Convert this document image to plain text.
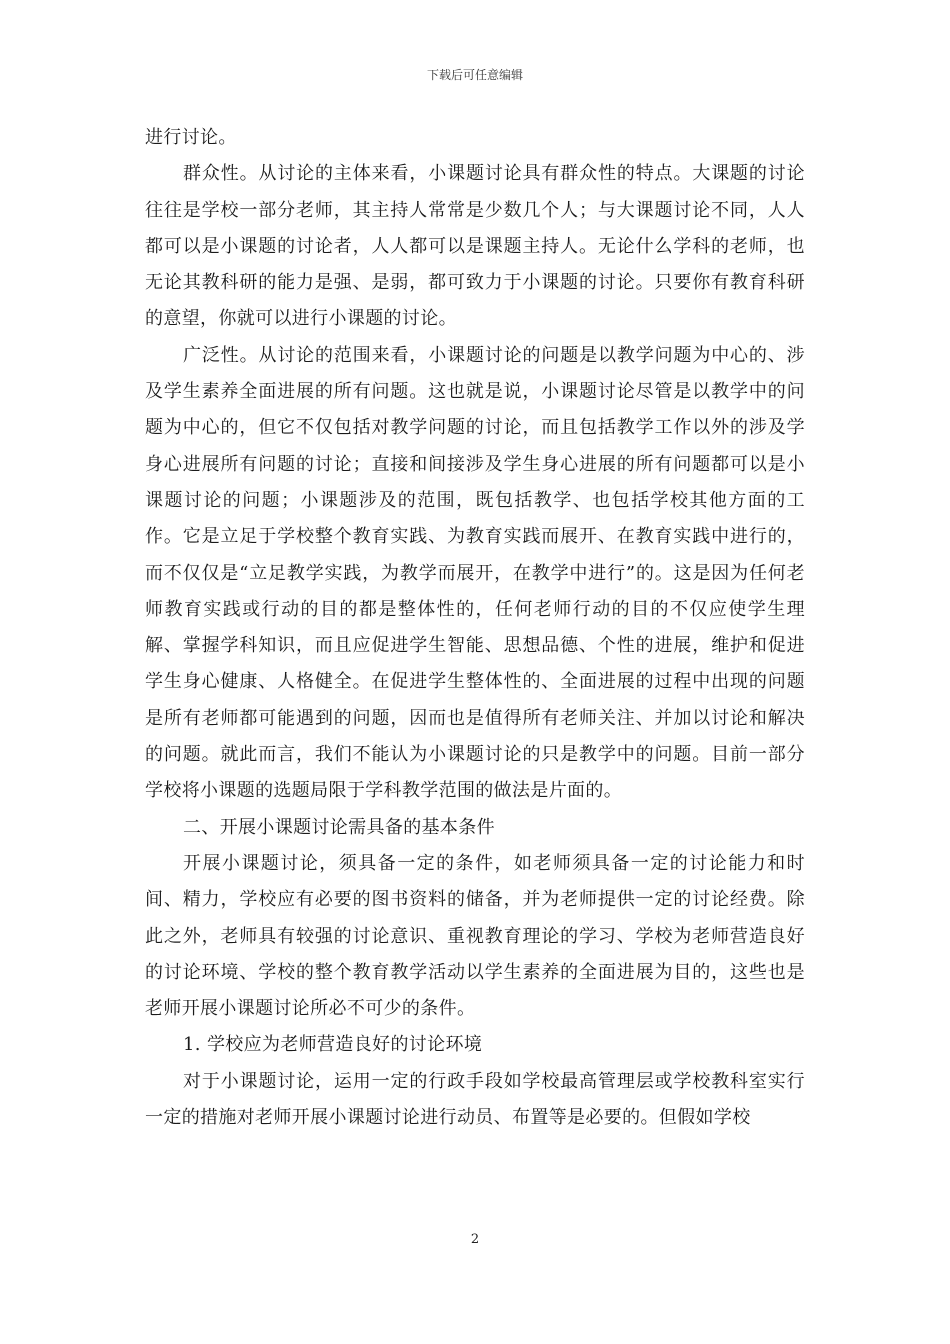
下载后可任意编辑

进行讨论。

群众性。从讨论的主体来看，小课题讨论具有群众性的特点。大课题的讨论往往是学校一部分老师，其主持人常常是少数几个人；与大课题讨论不同，人人都可以是小课题的讨论者，人人都可以是课题主持人。无论什么学科的老师，也无论其教科研的能力是强、是弱，都可致力于小课题的讨论。只要你有教育科研的意望，你就可以进行小课题的讨论。

广泛性。从讨论的范围来看，小课题讨论的问题是以教学问题为中心的、涉及学生素养全面进展的所有问题。这也就是说，小课题讨论尽管是以教学中的问题为中心的，但它不仅包括对教学问题的讨论，而且包括教学工作以外的涉及学身心进展所有问题的讨论；直接和间接涉及学生身心进展的所有问题都可以是小课题讨论的问题；小课题涉及的范围，既包括教学、也包括学校其他方面的工作。它是立足于学校整个教育实践、为教育实践而展开、在教育实践中进行的，而不仅仅是“立足教学实践，为教学而展开，在教学中进行”的。这是因为任何老师教育实践或行动的目的都是整体性的，任何老师行动的目的不仅应使学生理解、掌握学科知识，而且应促进学生智能、思想品德、个性的进展，维护和促进学生身心健康、人格健全。在促进学生整体性的、全面进展的过程中出现的问题是所有老师都可能遇到的问题，因而也是值得所有老师关注、并加以讨论和解决的问题。就此而言，我们不能认为小课题讨论的只是教学中的问题。目前一部分学校将小课题的选题局限于学科教学范围的做法是片面的。

二、开展小课题讨论需具备的基本条件

开展小课题讨论，须具备一定的条件，如老师须具备一定的讨论能力和时间、精力，学校应有必要的图书资料的储备，并为老师提供一定的讨论经费。除此之外，老师具有较强的讨论意识、重视教育理论的学习、学校为老师营造良好的讨论环境、学校的整个教育教学活动以学生素养的全面进展为目的，这些也是老师开展小课题讨论所必不可少的条件。

1. 学校应为老师营造良好的讨论环境

对于小课题讨论，运用一定的行政手段如学校最高管理层或学校教科室实行一定的措施对老师开展小课题讨论进行动员、布置等是必要的。但假如学校

2
